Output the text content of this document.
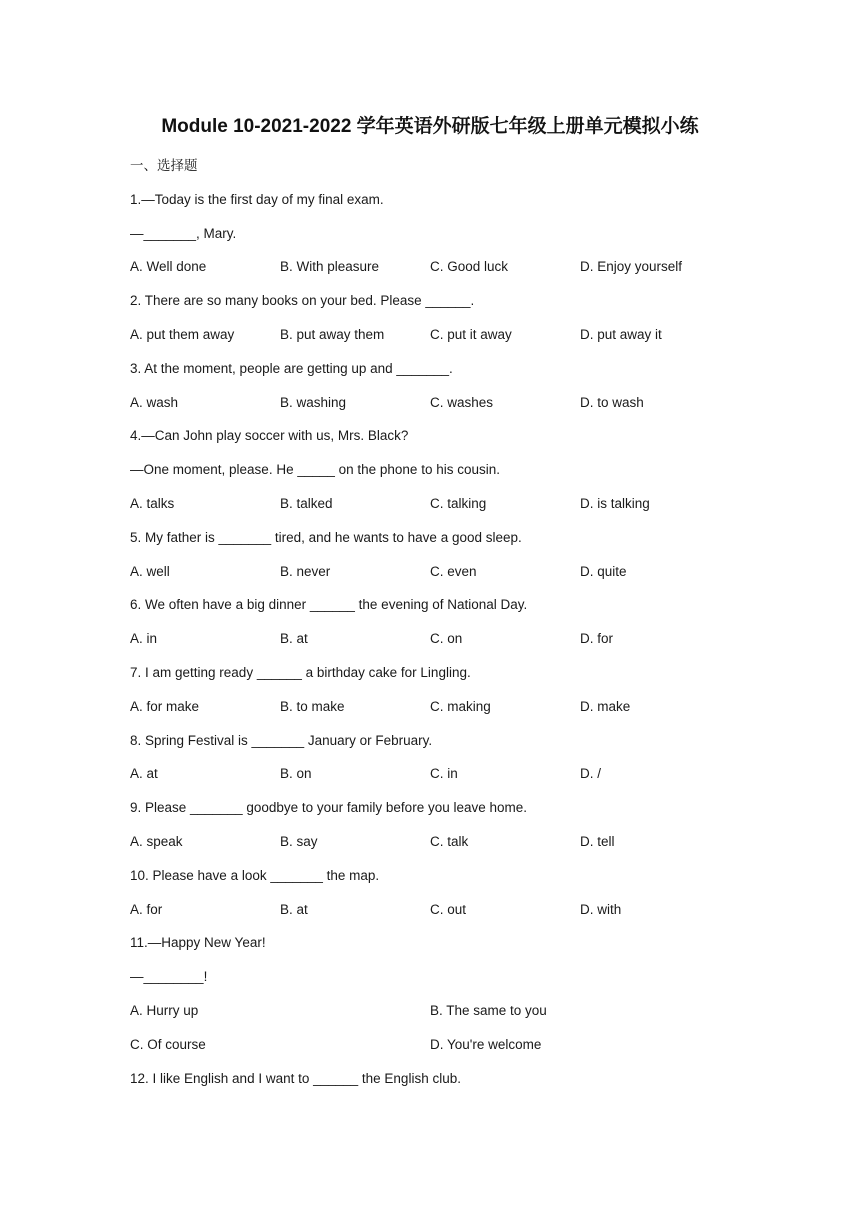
Module 10-2021-2022 学年英语外研版七年级上册单元模拟小练
一、选择题
1.—Today is the first day of my final exam.
—_______, Mary.
A. Well done	B. With pleasure	C. Good luck	D. Enjoy yourself
2. There are so many books on your bed. Please ______.
A. put them away	B. put away them	C. put it away	D. put away it
3. At the moment, people are getting up and _______.
A. wash	B. washing	C. washes	D. to wash
4.—Can John play soccer with us, Mrs. Black?
—One moment, please. He _____ on the phone to his cousin.
A. talks	B. talked	C. talking	D. is talking
5. My father is _______ tired, and he wants to have a good sleep.
A. well	B. never	C. even	D. quite
6. We often have a big dinner ______ the evening of National Day.
A. in	B. at	C. on	D. for
7. I am getting ready ______ a birthday cake for Lingling.
A. for make	B. to make	C. making	D. make
8. Spring Festival is _______ January or February.
A. at	B. on	C. in	D. /
9. Please _______ goodbye to your family before you leave home.
A. speak	B. say	C. talk	D. tell
10. Please have a look _______ the map.
A. for	B. at	C. out	D. with
11.—Happy New Year!
—________!
A. Hurry up	B. The same to you
C. Of course	D. You're welcome
12. I like English and I want to ______ the English club.
